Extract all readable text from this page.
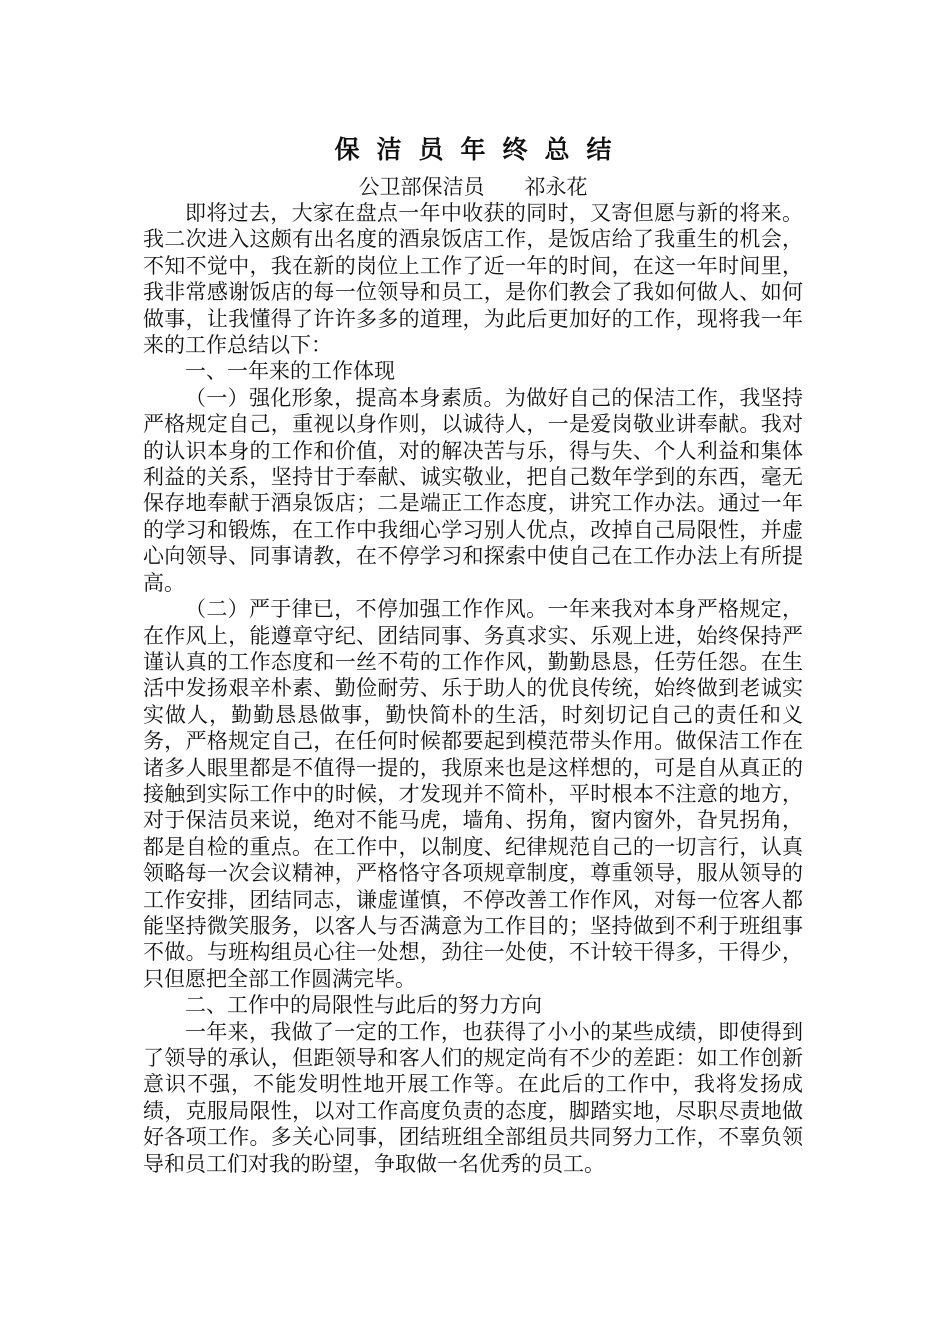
保洁员年终总结

公卫部保洁员      祁永花

即将过去，大家在盘点一年中收获的同时，又寄但愿与新的将来。我二次进入这颇有出名度的酒泉饭店工作，是饭店给了我重生的机会，不知不觉中，我在新的岗位上工作了近一年的时间，在这一年时间里，我非常感谢饭店的每一位领导和员工，是你们教会了我如何做人、如何做事，让我懂得了许许多多的道理，为此后更加好的工作，现将我一年来的工作总结以下：

一、一年来的工作体现

（一）强化形象，提高本身素质。为做好自己的保洁工作，我坚持严格规定自己，重视以身作则，以诚待人，一是爱岗敬业讲奉献。我对的认识本身的工作和价值，对的解决苦与乐，得与失、个人利益和集体利益的关系，坚持甘于奉献、诚实敬业，把自己数年学到的东西，毫无保存地奉献于酒泉饭店；二是端正工作态度，讲究工作办法。通过一年的学习和锻炼，在工作中我细心学习别人优点，改掉自己局限性，并虚心向领导、同事请教，在不停学习和探索中使自己在工作办法上有所提高。

（二）严于律已，不停加强工作作风。一年来我对本身严格规定，在作风上，能遵章守纪、团结同事、务真求实、乐观上进，始终保持严谨认真的工作态度和一丝不苟的工作作风，勤勤恳恳，任劳任怨。在生活中发扬艰辛朴素、勤俭耐劳、乐于助人的优良传统，始终做到老诚实实做人，勤勤恳恳做事，勤快简朴的生活，时刻切记自己的责任和义务，严格规定自己，在任何时候都要起到模范带头作用。做保洁工作在诸多人眼里都是不值得一提的，我原来也是这样想的，可是自从真正的接触到实际工作中的时候，才发现并不简朴，平时根本不注意的地方，对于保洁员来说，绝对不能马虎，墙角、拐角，窗内窗外，旮旯拐角，都是自检的重点。在工作中，以制度、纪律规范自己的一切言行，认真领略每一次会议精神，严格恪守各项规章制度，尊重领导，服从领导的工作安排，团结同志，谦虚谨慎，不停改善工作作风，对每一位客人都能坚持微笑服务，以客人与否满意为工作目的；坚持做到不利于班组事不做。与班构组员心往一处想，劲往一处使，不计较干得多，干得少，只但愿把全部工作圆满完毕。

二、工作中的局限性与此后的努力方向

一年来，我做了一定的工作，也获得了小小的某些成绩，即使得到了领导的承认，但距领导和客人们的规定尚有不少的差距：如工作创新意识不强，不能发明性地开展工作等。在此后的工作中，我将发扬成绩，克服局限性，以对工作高度负责的态度，脚踏实地，尽职尽责地做好各项工作。多关心同事，团结班组全部组员共同努力工作，不辜负领导和员工们对我的盼望，争取做一名优秀的员工。
